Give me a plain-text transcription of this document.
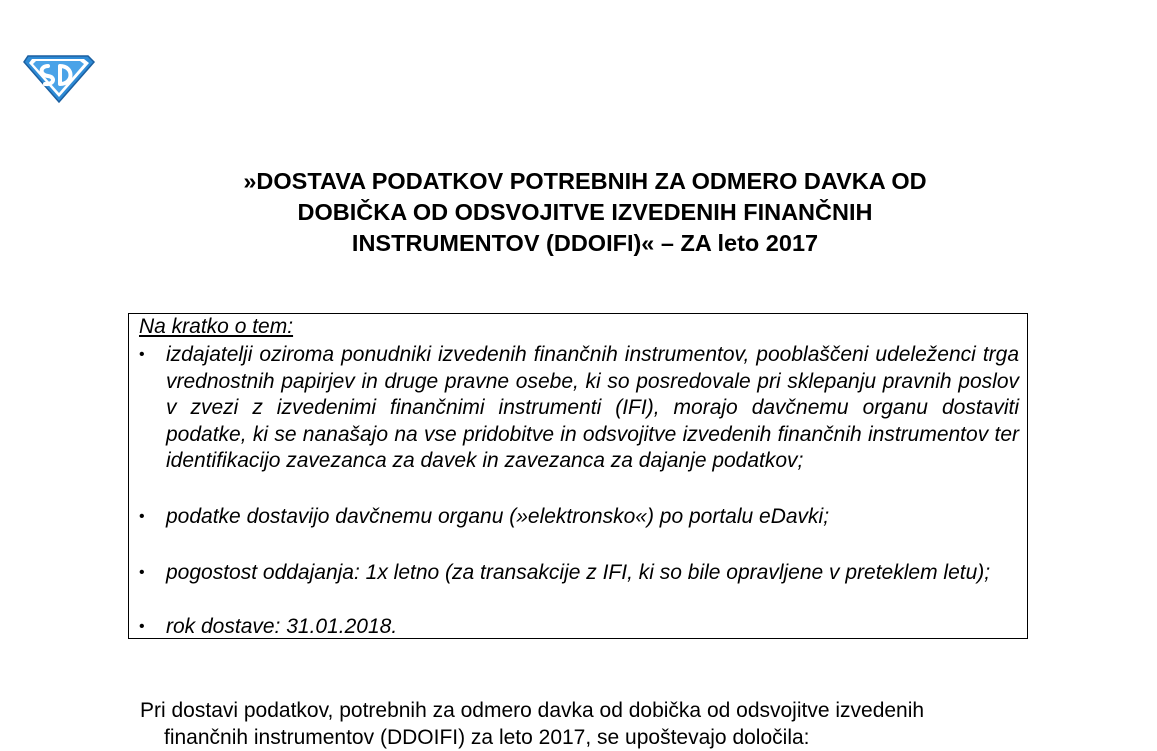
»DOSTAVA PODATKOV POTREBNIH ZA ODMERO DAVKA OD
DOBIČKA OD ODSVOJITVE IZVEDENIH FINANČNIH
INSTRUMENTOV (DDOIFI)« – ZA leto 2017
Na kratko o tem:
• izdajatelji oziroma ponudniki izvedenih finančnih instrumentov, pooblaščeni udeleženci trga vrednostnih papirjev in druge pravne osebe, ki so posredovale pri sklepanju pravnih poslov v zvezi z izvedenimi finančnimi instrumenti (IFI), morajo davčnemu organu dostaviti podatke, ki se nanašajo na vse pridobitve in odsvojitve izvedenih finančnih instrumentov ter identifikacijo zavezanca za davek in zavezanca za dajanje podatkov;
• podatke dostavijo davčnemu organu (»elektronsko«) po portalu eDavki;
• pogostost oddajanja: 1x letno (za transakcije z IFI, ki so bile opravljene v preteklem letu);
• rok dostave: 31.01.2018.
Pri dostavi podatkov, potrebnih za odmero davka od dobička od odsvojitve izvedenih
finančnih instrumentov (DDOIFI) za leto 2017, se upoštevajo določila:
